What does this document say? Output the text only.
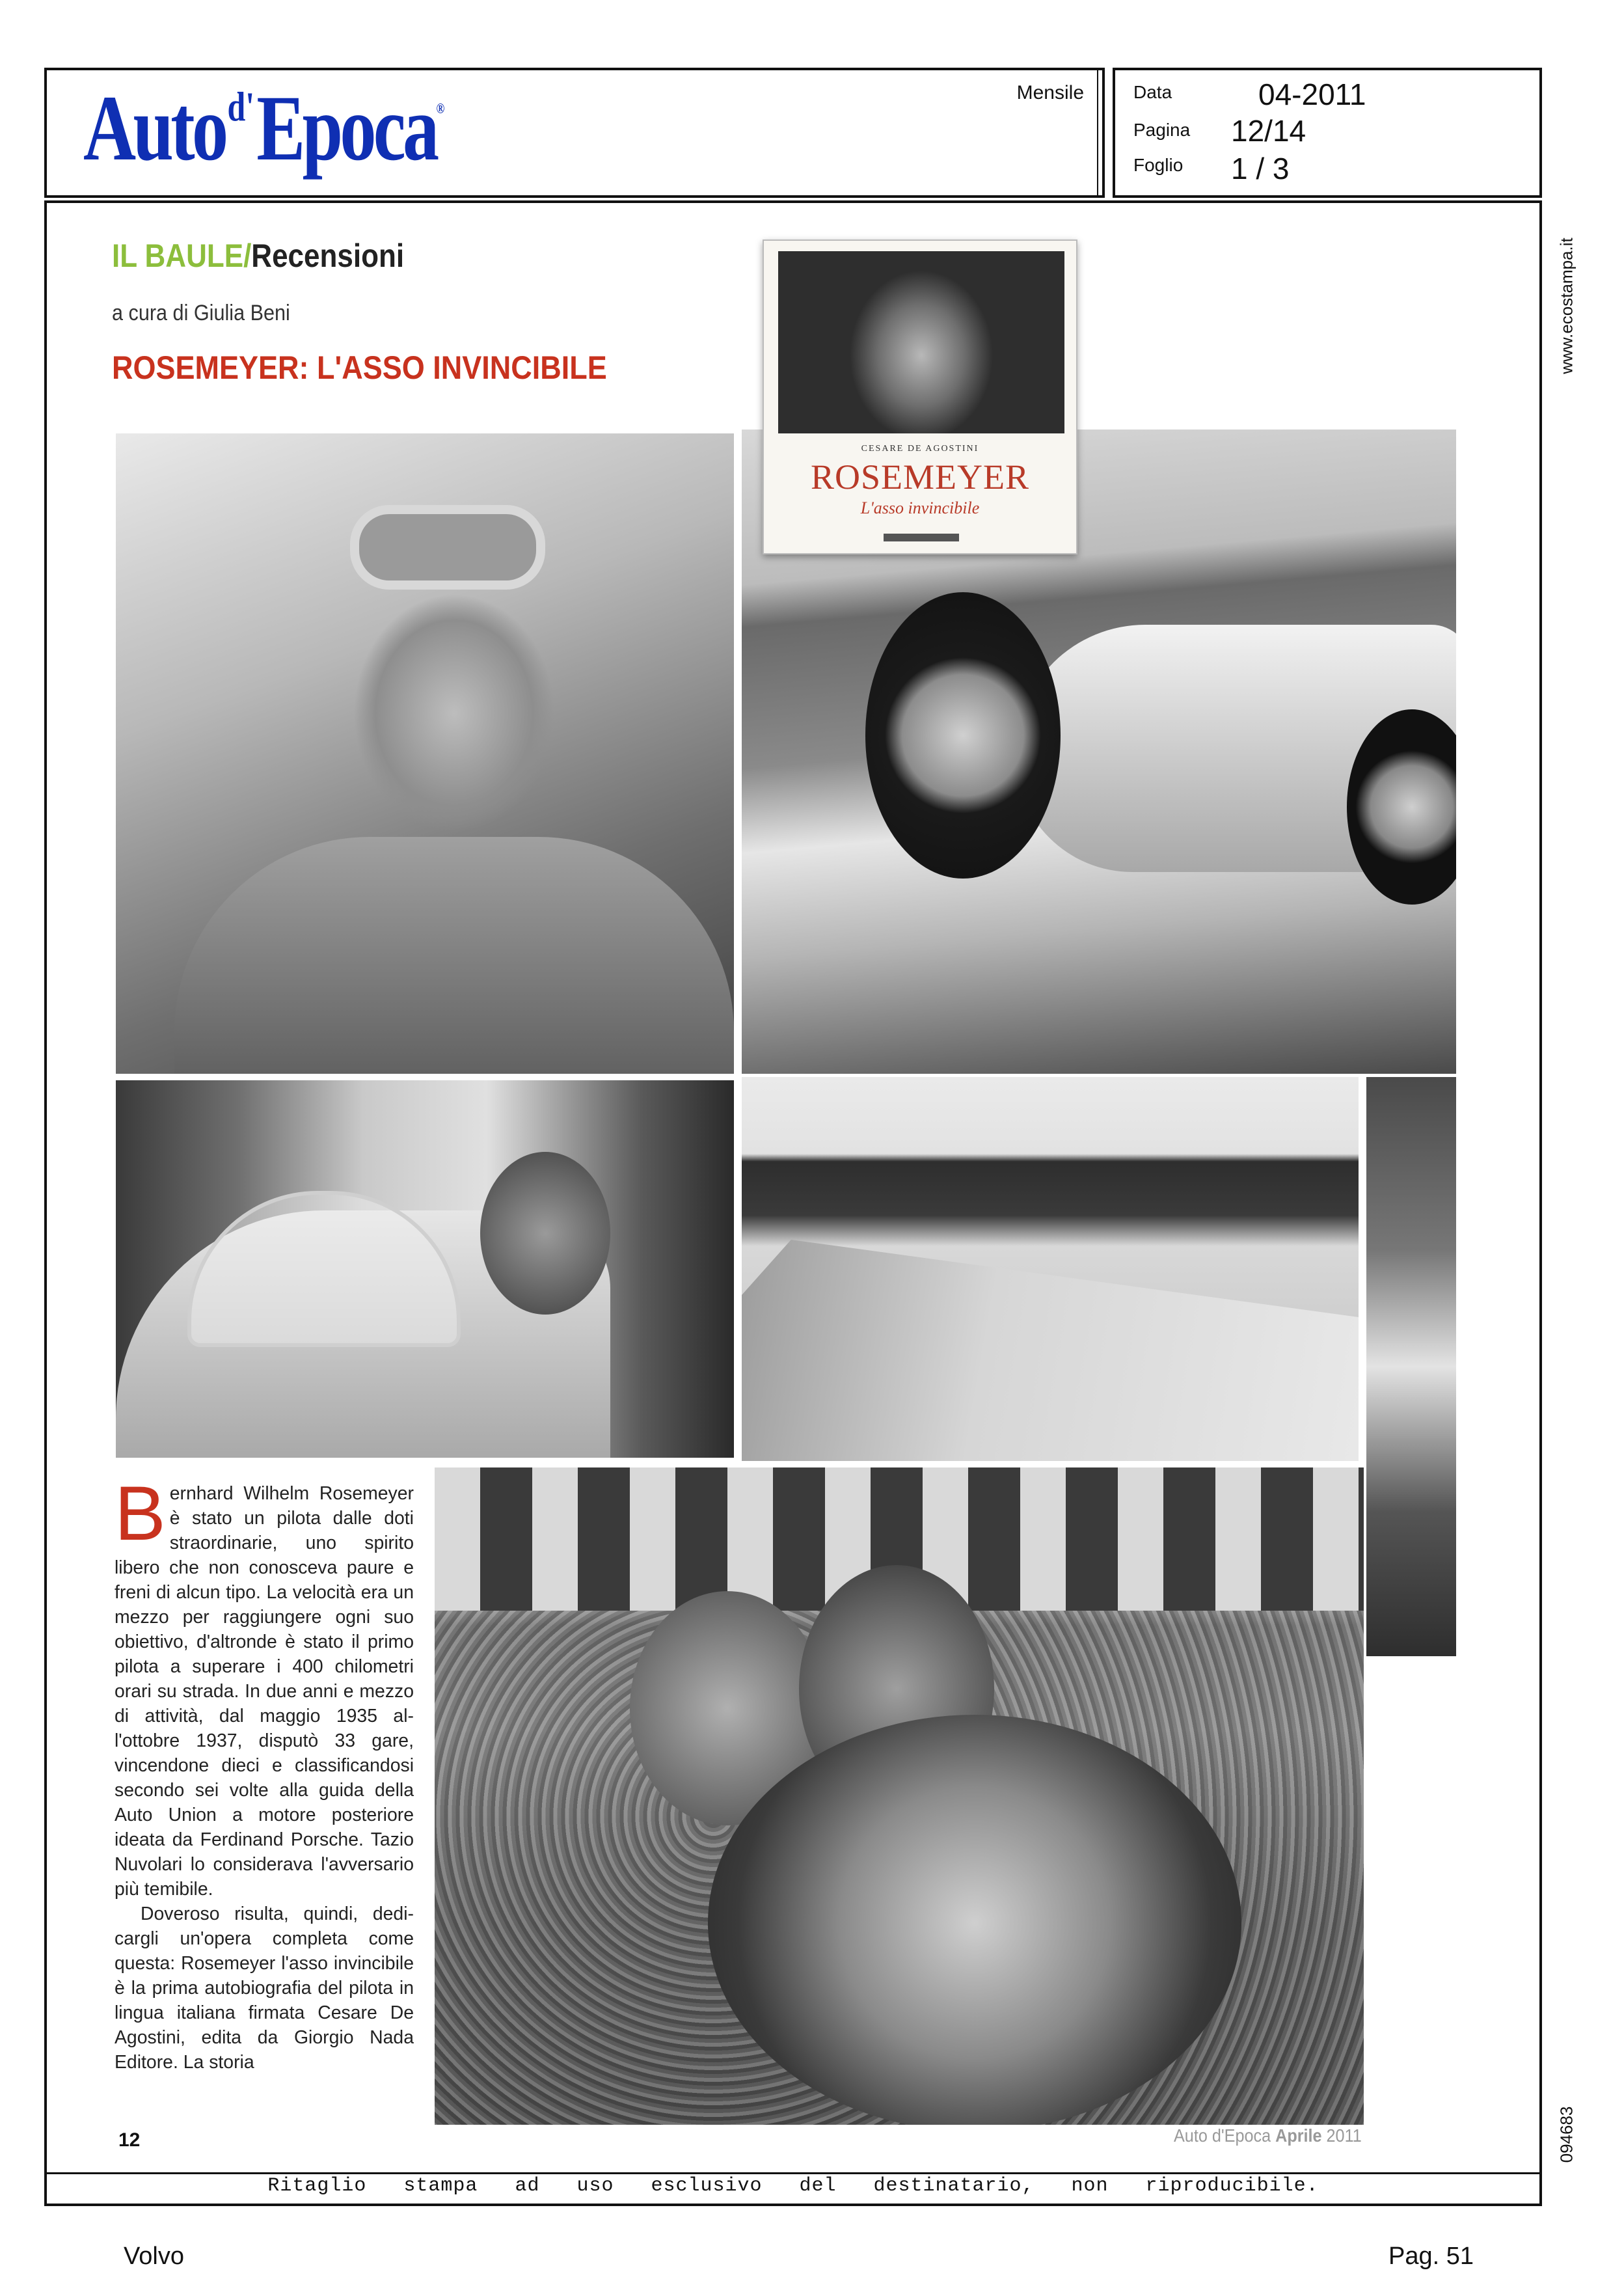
Auto$^{d'}$Epoca®
Mensile	Data	04-2011
Pagina 12/14
Foglio 1 / 3
Ritaglio stampa ad uso esclusivo del destinatario, non riproducibile.
www.ecostampa.it
094683
IL BAULE/Recensioni
a cura di Giulia Beni
ROSEMEYER: L'ASSO INVINCIBILE
CESARE DE AGOSTINI
ROSEMEYER
L'asso invincibile

Bernhard Wilhelm Rosemeyer è stato un pilota dalle doti straordinarie, uno spirito libero che non conosceva paure e freni di alcun tipo. La velocità era un mezzo per raggiungere ogni suo obiettivo, d'altronde è stato il primo pilota a superare i 400 chilometri orari su strada. In due anni e mezzo di attività, dal maggio 1935 all'ottobre 1937, disputò 33 gare, vincendone dieci e classificandosi secondo sei volte alla guida della Auto Union a motore posteriore ideata da Ferdinand Porsche. Tazio Nuvolari lo considerava l'avversario più temibile.

Doveroso risulta, quindi, dedicargli un'opera completa come questa: Rosemeyer l'asso invincibile è la prima autobiografia del pilota in lingua italiana firmata Cesare De Agostini, edita da Giorgio Nada Editore. La storia

12	Auto d'Epoca Aprile 2011
Volvo	Pag. 51
